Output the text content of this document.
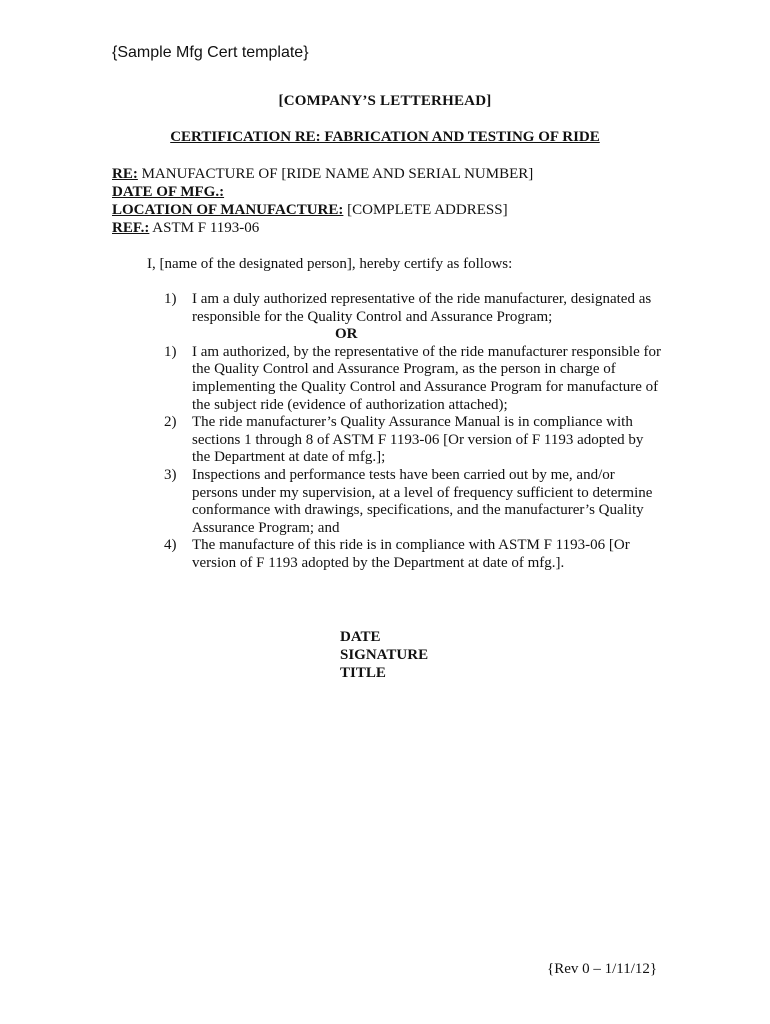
{Sample Mfg Cert template}
[COMPANY’S LETTERHEAD]
CERTIFICATION RE: FABRICATION AND TESTING OF RIDE
RE: MANUFACTURE OF [RIDE NAME AND SERIAL NUMBER]
DATE OF MFG.:
LOCATION OF MANUFACTURE: [COMPLETE ADDRESS]
REF.: ASTM F 1193-06
I, [name of the designated person], hereby certify as follows:
1)	I am a duly authorized representative of the ride manufacturer, designated as responsible for the Quality Control and Assurance Program;
OR
1)	I am authorized, by the representative of the ride manufacturer responsible for the Quality Control and Assurance Program, as the person in charge of implementing the Quality Control and Assurance Program for manufacture of the subject ride (evidence of authorization attached);
2)	The ride manufacturer’s Quality Assurance Manual is in compliance with sections 1 through 8 of ASTM F 1193-06 [Or version of F 1193 adopted by the Department at date of mfg.];
3)	Inspections and performance tests have been carried out by me, and/or persons under my supervision, at a level of frequency sufficient to determine conformance with drawings, specifications, and the manufacturer’s Quality Assurance Program; and
4)	The manufacture of this ride is in compliance with ASTM F 1193-06 [Or version of F 1193 adopted by the Department at date of mfg.].
DATE
SIGNATURE
TITLE
{Rev 0 – 1/11/12}
